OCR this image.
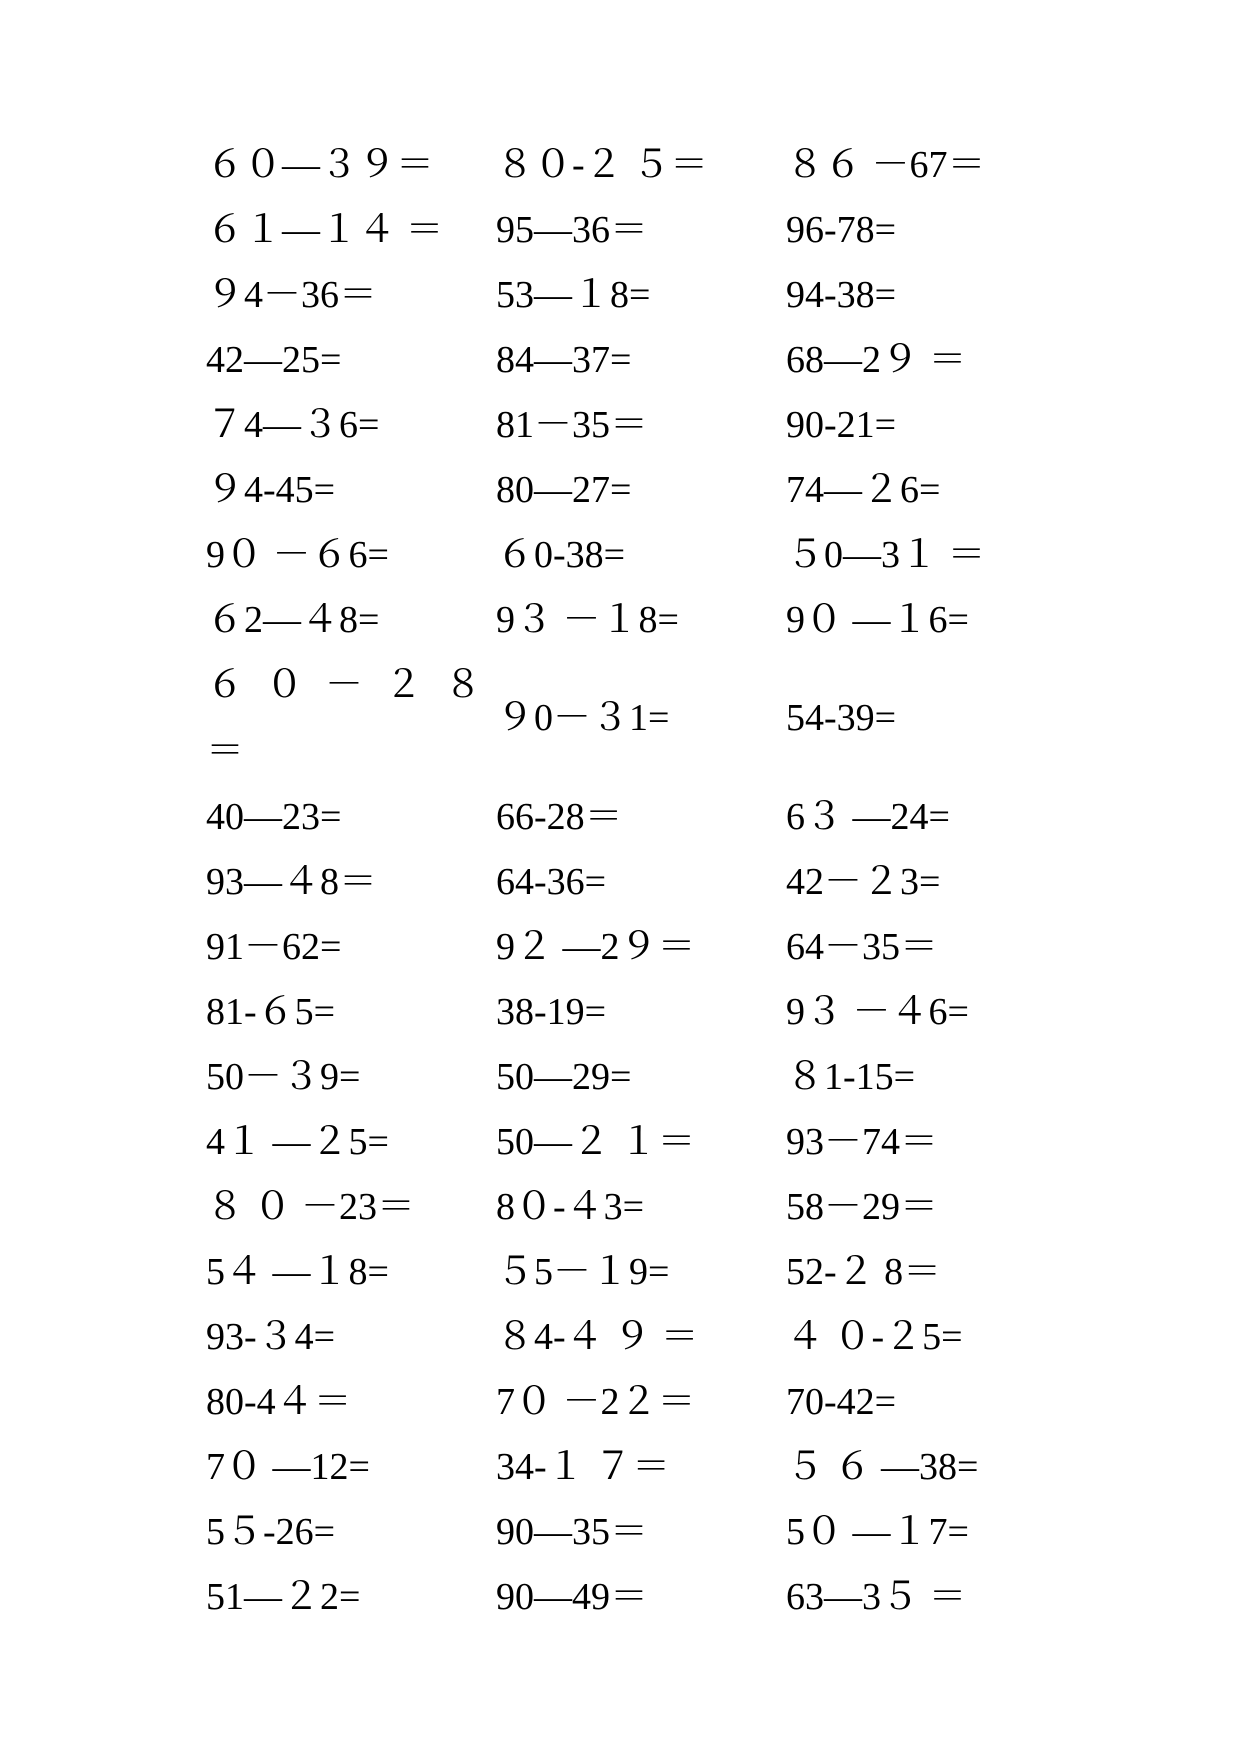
６０—３９＝	８０-２ ５＝	８６ －67＝
６１—１４ ＝	95—36＝	96-78=
９4－36＝	53—１8=	94-38=
42—25=	84—37=	68—2９ ＝
７4—３6=	81－35＝	90-21=
９4-45=	80—27=	74—２6=
9０ －６6=	６0-38=	５0—3１ ＝
６2—４8=	9３ －１8=	9０ —１6=
６ ０ － ２ ８ ＝	９0－３1=	54-39=
40—23=	66-28＝	6３ —24=
93—４8＝	64-36=	42－２3=
91－62=	9２ —2９＝	64－35＝
81-６5=	38-19=	9３ －４6=
50－３9=	50—29=	８1-15=
4１ —２5=	50—２ １＝	93－74＝
８ ０ －23＝	8０-４3=	58－29＝
5４ —１8=	５5－１9=	52-２ 8＝
93-３4=	８4-４ ９ ＝	４ ０-２5=
80-4４＝	7０ －2２＝	70-42=
7０ —12=	34-１ ７＝	５ ６ —38=
5５-26=	90—35＝	5０ —１7=
51—２2=	90—49＝	63—3５ ＝
